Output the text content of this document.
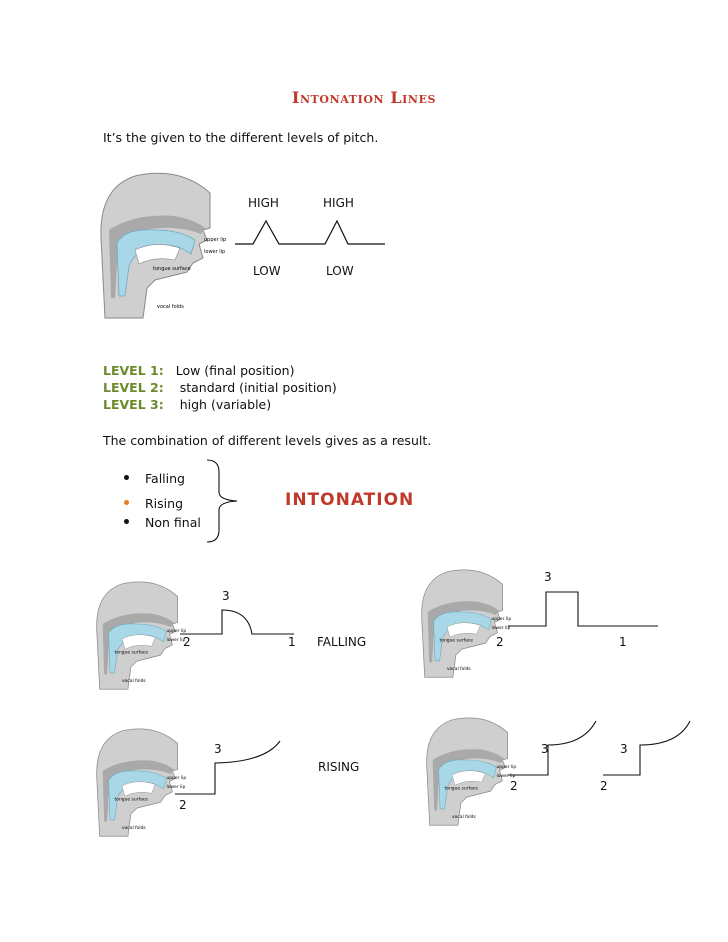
Intonation Lines
It’s the given to the different levels of pitch.
upper lip
lower lip
tongue surface
vocal folds
HIGH	HIGH
LOW	LOW
LEVEL 1: Low (final position)
LEVEL 2: standard (initial position)
LEVEL 3: high (variable)
The combination of different levels gives as a result.
Falling
Rising
Non final
INTONATION
upper lip
lower lip
tongue surface
vocal folds
3
2	1 FALLING
upper lip
lower lip
tongue surface
vocal folds
3
2	1
upper lip
lower lip
tongue surface
vocal folds
3
2
RISING	upper lip
lower lip
tongue surface
vocal folds
3	3
2	2
